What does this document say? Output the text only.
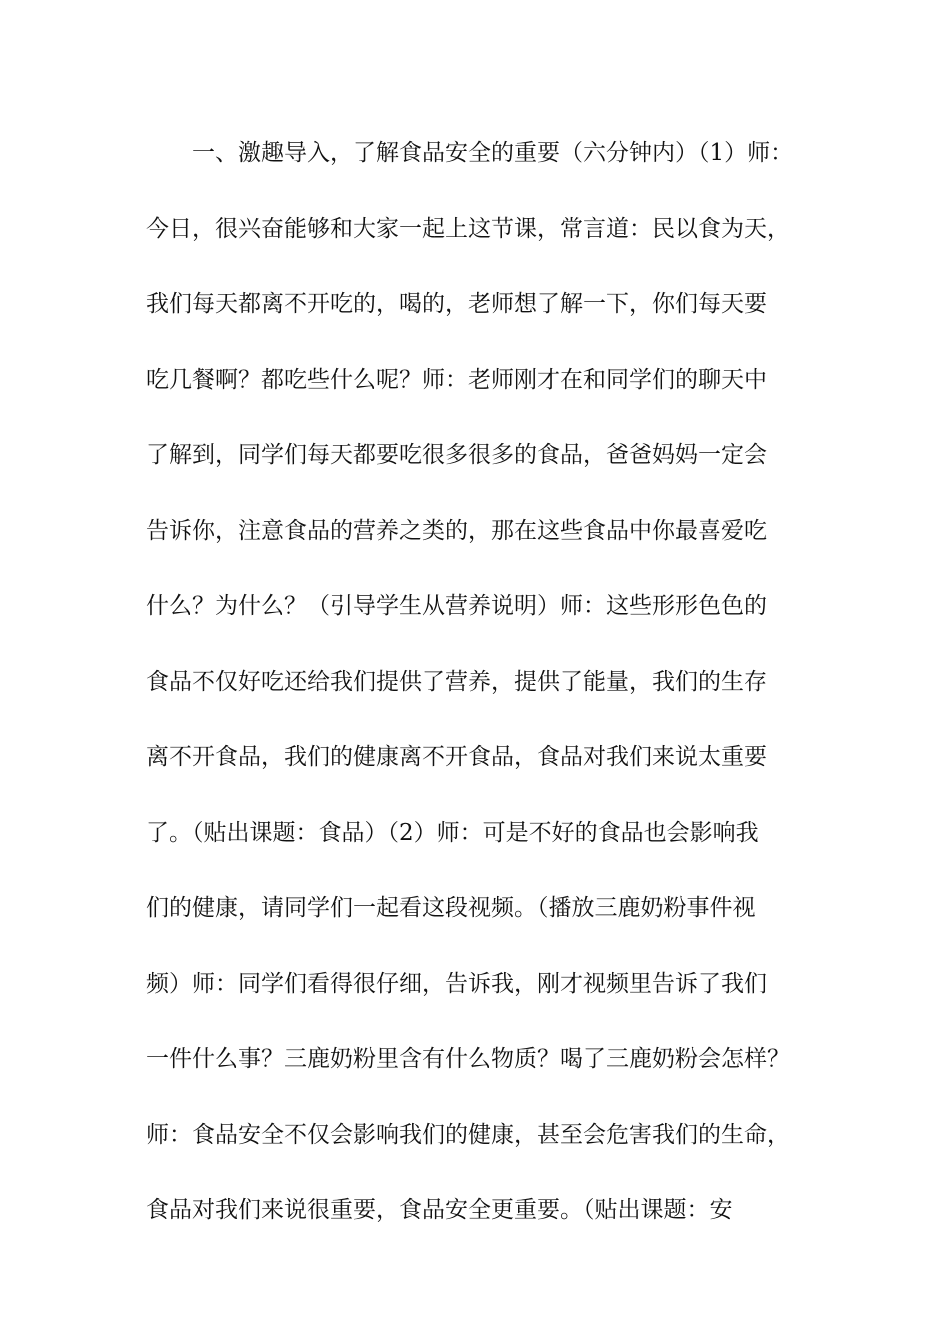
一、激趣导入，了解食品安全的重要（六分钟内）（1）师：
今日，很兴奋能够和大家一起上这节课，常言道：民以食为天，
我们每天都离不开吃的，喝的，老师想了解一下，你们每天要
吃几餐啊？都吃些什么呢？师：老师刚才在和同学们的聊天中
了解到，同学们每天都要吃很多很多的食品，爸爸妈妈一定会
告诉你，注意食品的营养之类的，那在这些食品中你最喜爱吃
什么？为什么？（引导学生从营养说明）师：这些形形色色的
食品不仅好吃还给我们提供了营养，提供了能量，我们的生存
离不开食品，我们的健康离不开食品，食品对我们来说太重要
了。（贴出课题：食品）（2）师：可是不好的食品也会影响我
们的健康，请同学们一起看这段视频。（播放三鹿奶粉事件视
频）师：同学们看得很仔细，告诉我，刚才视频里告诉了我们
一件什么事？三鹿奶粉里含有什么物质？喝了三鹿奶粉会怎样？
师：食品安全不仅会影响我们的健康，甚至会危害我们的生命，
食品对我们来说很重要，食品安全更重要。（贴出课题：安
